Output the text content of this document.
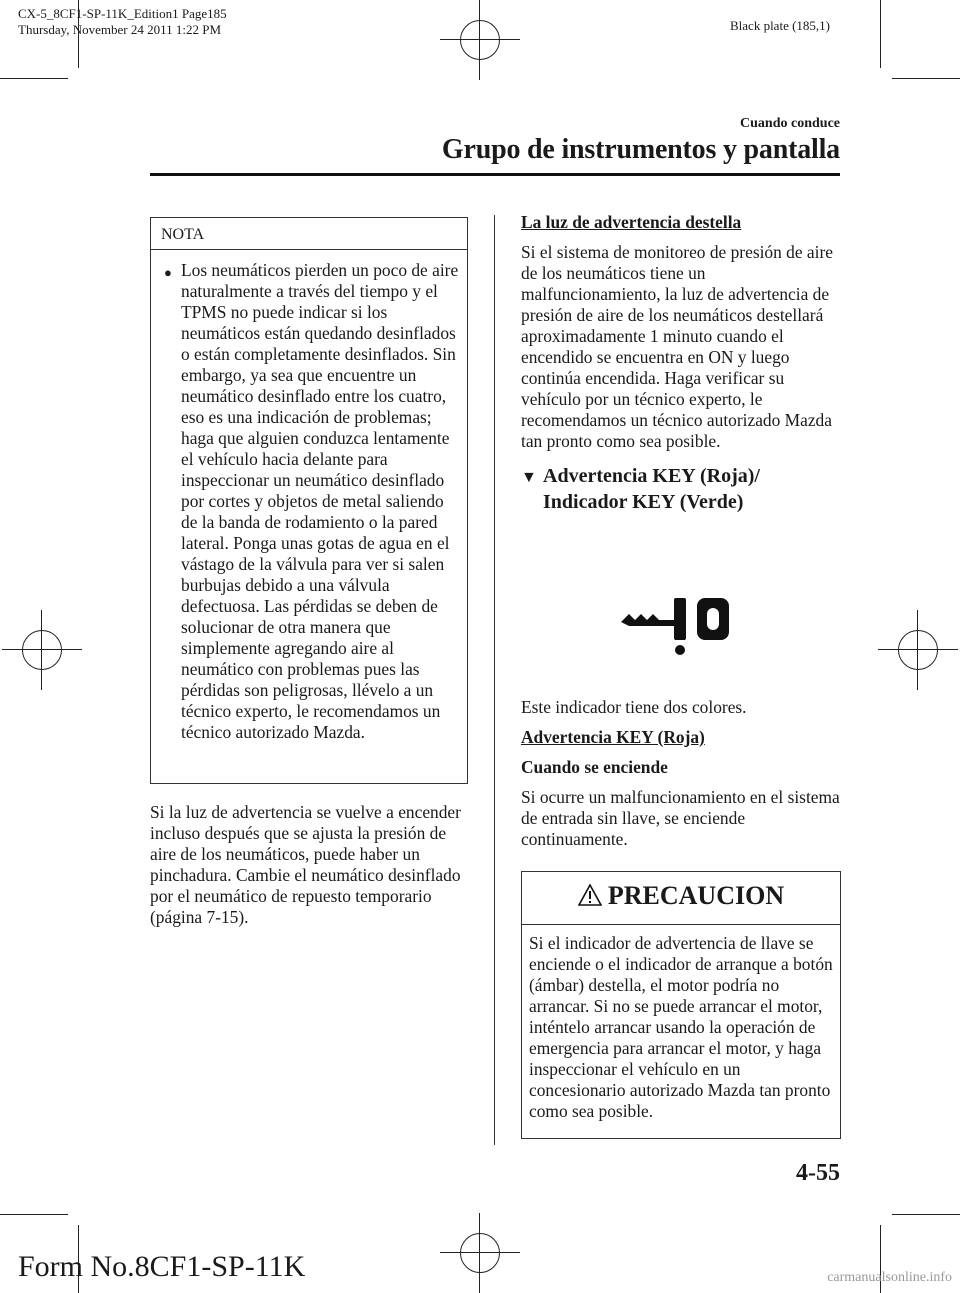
CX-5_8CF1-SP-11K_Edition1 Page185
Thursday, November 24 2011 1:22 PM	Black plate (185,1)
Cuando conduce
Grupo de instrumentos y pantalla
NOTA
● Los neumáticos pierden un poco de aire naturalmente a través del tiempo y el TPMS no puede indicar si los neumáticos están quedando desinflados o están completamente desinflados. Sin embargo, ya sea que encuentre un neumático desinflado entre los cuatro, eso es una indicación de problemas; haga que alguien conduzca lentamente el vehículo hacia delante para inspeccionar un neumático desinflado por cortes y objetos de metal saliendo de la banda de rodamiento o la pared lateral. Ponga unas gotas de agua en el vástago de la válvula para ver si salen burbujas debido a una válvula defectuosa. Las pérdidas se deben de solucionar de otra manera que simplemente agregando aire al neumático con problemas pues las pérdidas son peligrosas, llévelo a un técnico experto, le recomendamos un técnico autorizado Mazda.
Si la luz de advertencia se vuelve a encender incluso después que se ajusta la presión de aire de los neumáticos, puede haber un pinchadura. Cambie el neumático desinflado por el neumático de repuesto temporario (página 7-15).

La luz de advertencia destella

Si el sistema de monitoreo de presión de aire de los neumáticos tiene un malfuncionamiento, la luz de advertencia de presión de aire de los neumáticos destellará aproximadamente 1 minuto cuando el encendido se encuentra en ON y luego continúa encendida. Haga verificar su vehículo por un técnico experto, le recomendamos un técnico autorizado Mazda tan pronto como sea posible.

▼ Advertencia KEY (Roja)/
Indicador KEY (Verde)

Este indicador tiene dos colores.

Advertencia KEY (Roja)

Cuando se enciende

Si ocurre un malfuncionamiento en el sistema de entrada sin llave, se enciende continuamente.

PRECAUCION
Si el indicador de advertencia de llave se enciende o el indicador de arranque a botón (ámbar) destella, el motor podría no arrancar. Si no se puede arrancar el motor, inténtelo arrancar usando la operación de emergencia para arrancar el motor, y haga inspeccionar el vehículo en un concesionario autorizado Mazda tan pronto como sea posible.
4-55
Form No.8CF1-SP-11K	carmanualsonline.info
